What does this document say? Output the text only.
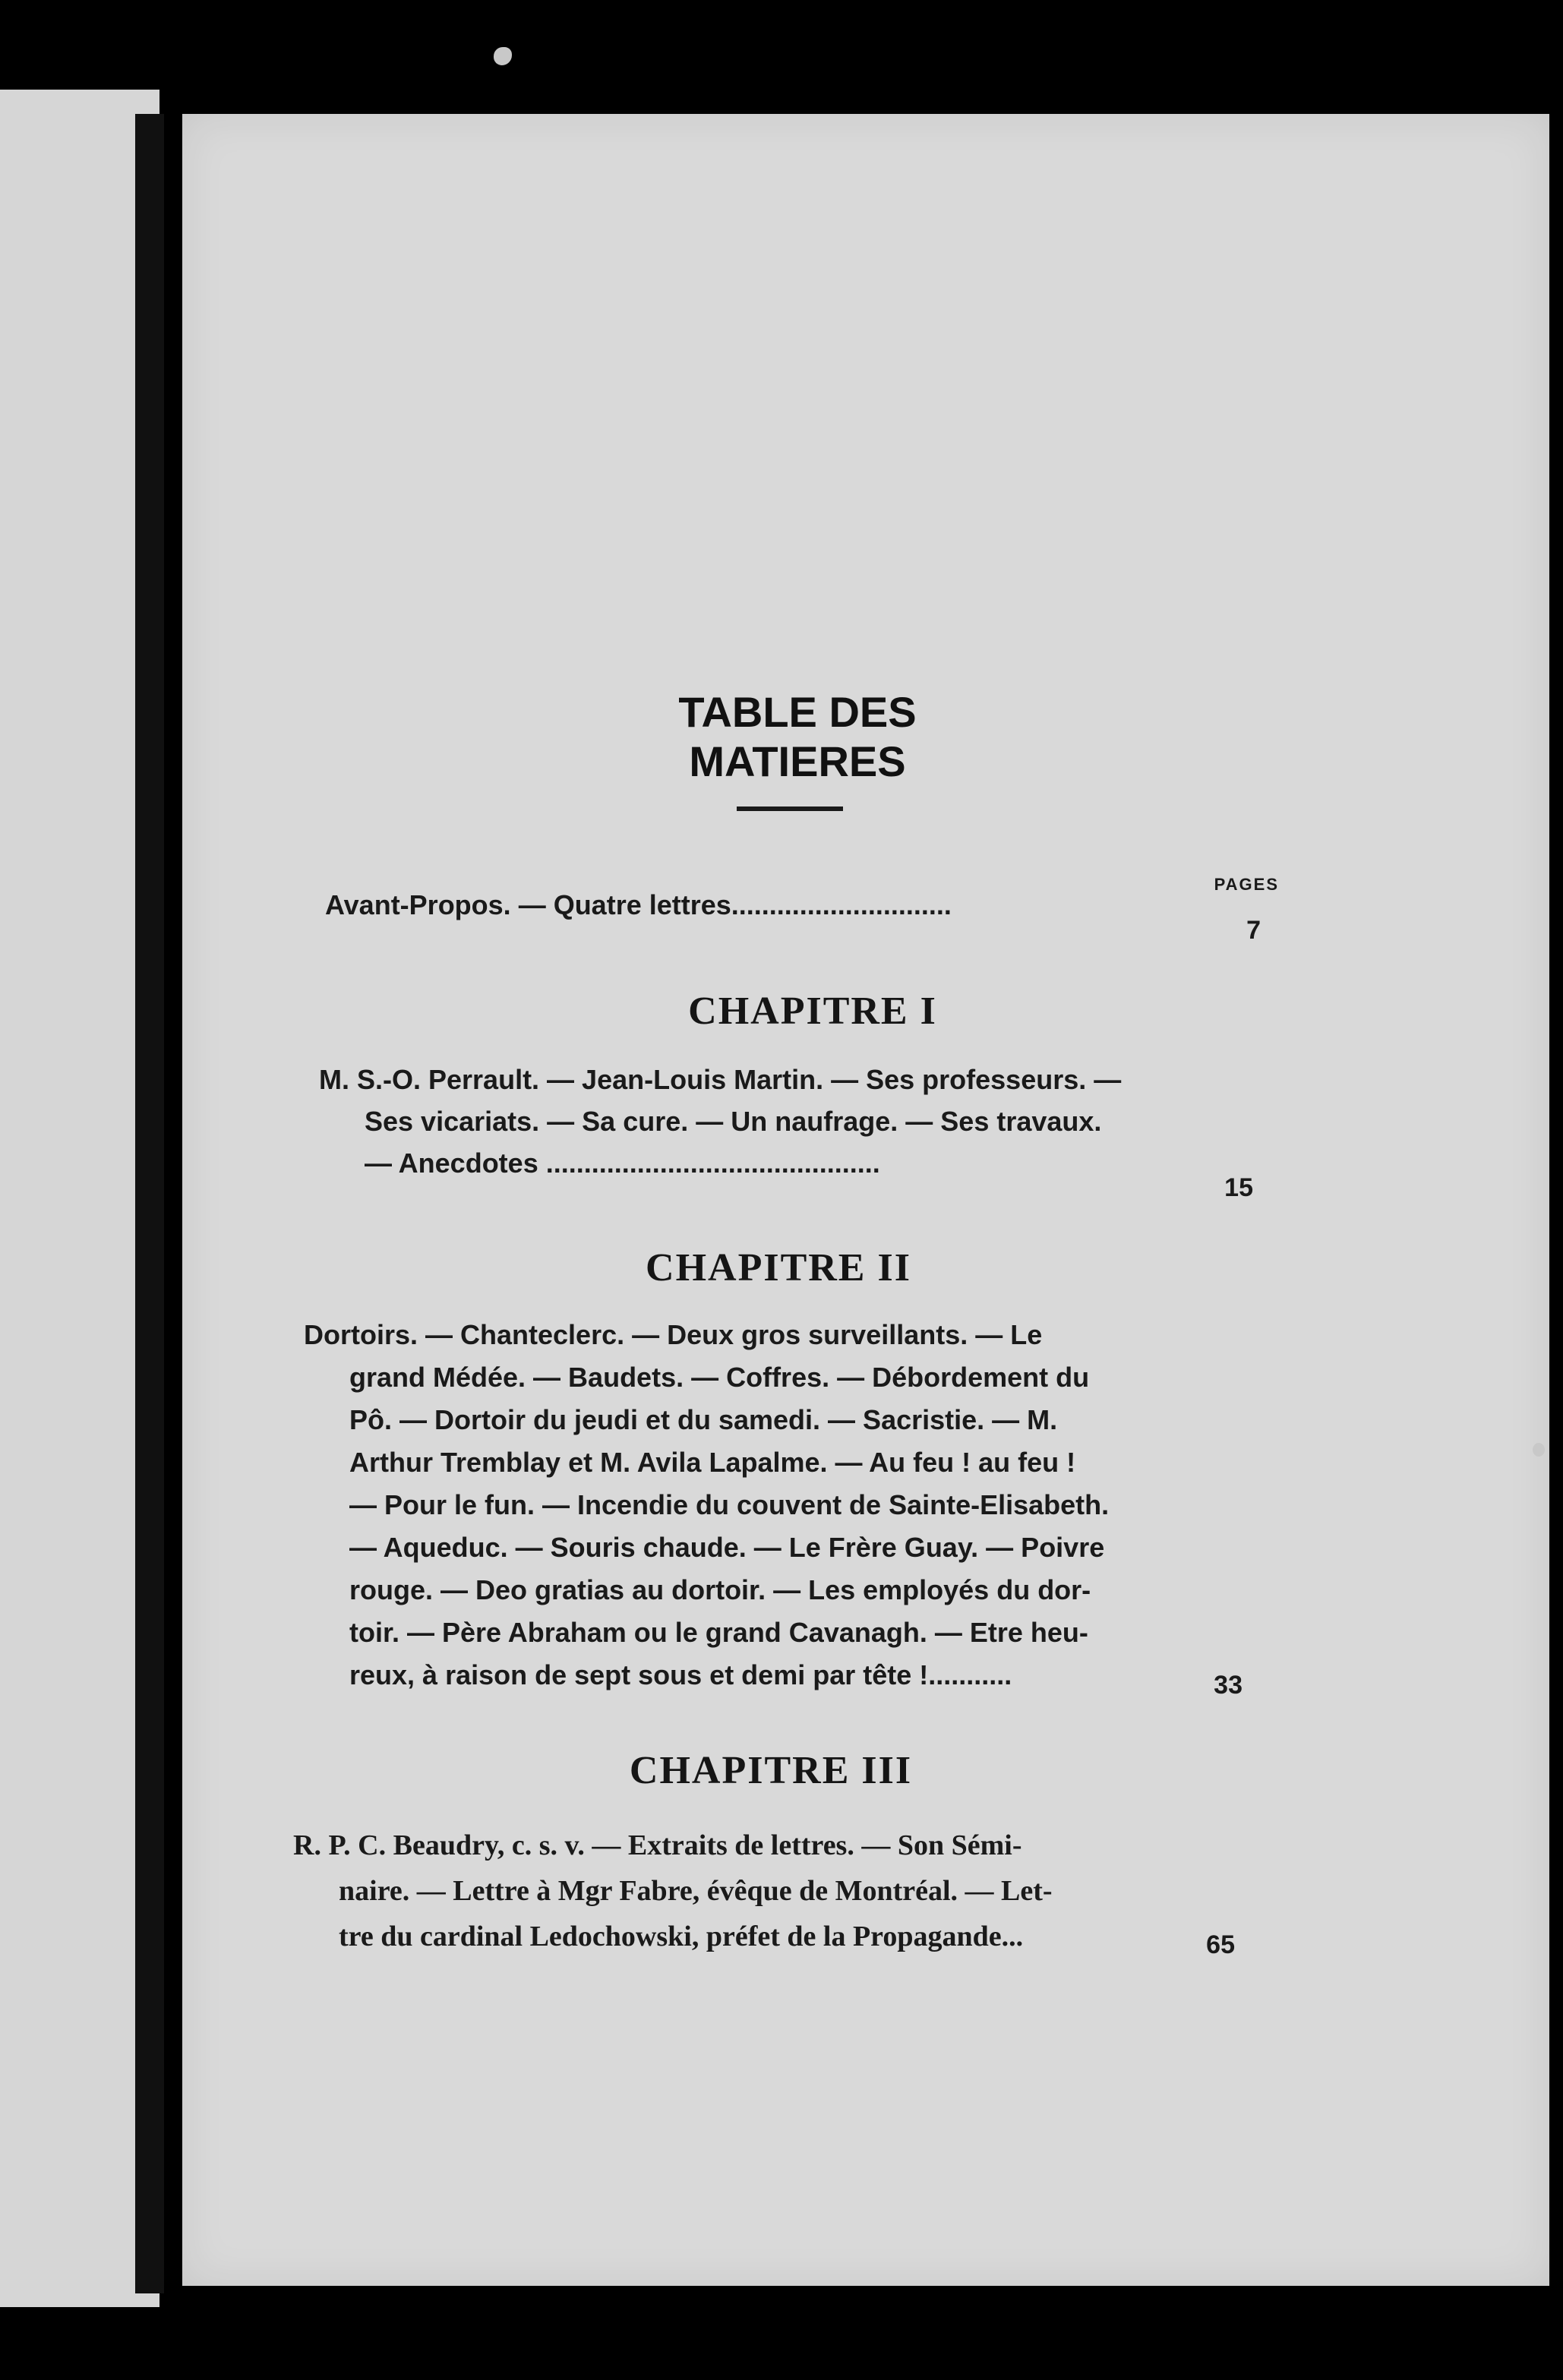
TABLE DES MATIERES
PAGES
Avant-Propos. — Quatre lettres.............................
7
CHAPITRE I
M. S.-O. Perrault. — Jean-Louis Martin. — Ses professeurs. —
Ses vicariats. — Sa cure. — Un naufrage. — Ses travaux.
— Anecdotes ............................................
15
CHAPITRE II
Dortoirs. — Chanteclerc. — Deux gros surveillants. — Le
grand Médée. — Baudets. — Coffres. — Débordement du
Pô. — Dortoir du jeudi et du samedi. — Sacristie. — M.
Arthur Tremblay et M. Avila Lapalme. — Au feu ! au feu !
— Pour le fun. — Incendie du couvent de Sainte-Elisabeth.
— Aqueduc. — Souris chaude. — Le Frère Guay. — Poivre
rouge. — Deo gratias au dortoir. — Les employés du dor-
toir. — Père Abraham ou le grand Cavanagh. — Etre heu-
reux, à raison de sept sous et demi par tête !...........	33
CHAPITRE III
R. P. C. Beaudry, c. s. v. — Extraits de lettres. — Son Sémi-
naire. — Lettre à Mgr Fabre, évêque de Montréal. — Let-
tre du cardinal Ledochowski, préfet de la Propagande...	65
